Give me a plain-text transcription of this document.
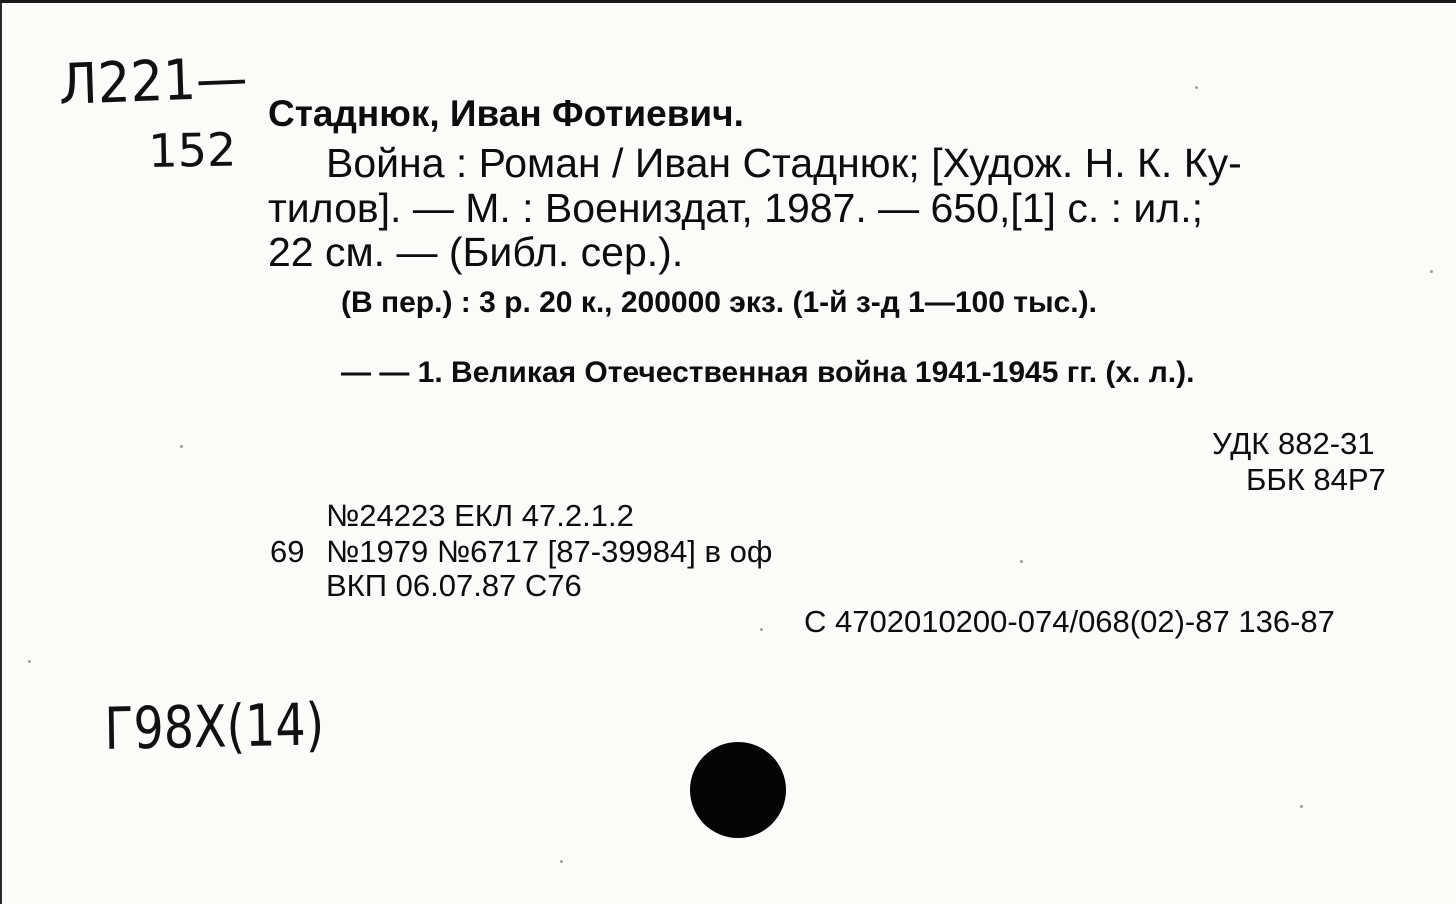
Л221—
152
Стаднюк, Иван Фотиевич.
Война : Роман / Иван Стаднюк; [Худож. Н. К. Ку-
тилов]. — М. : Воениздат, 1987. — 650,[1] с. : ил.;
22 см. — (Библ. сер.).
(В пер.) : 3 р. 20 к., 200000 экз. (1-й з-д 1—100 тыс.).
— — 1. Великая Отечественная война 1941-1945 гг. (х. л.).
УДК 882-31
ББК 84Р7
№24223 ЕКЛ 47.2.1.2
69 №1979 №6717 [87-39984] в оф
ВКП 06.07.87 С76
С 4702010200-074/068(02)-87 136-87
Г98Х(14)
